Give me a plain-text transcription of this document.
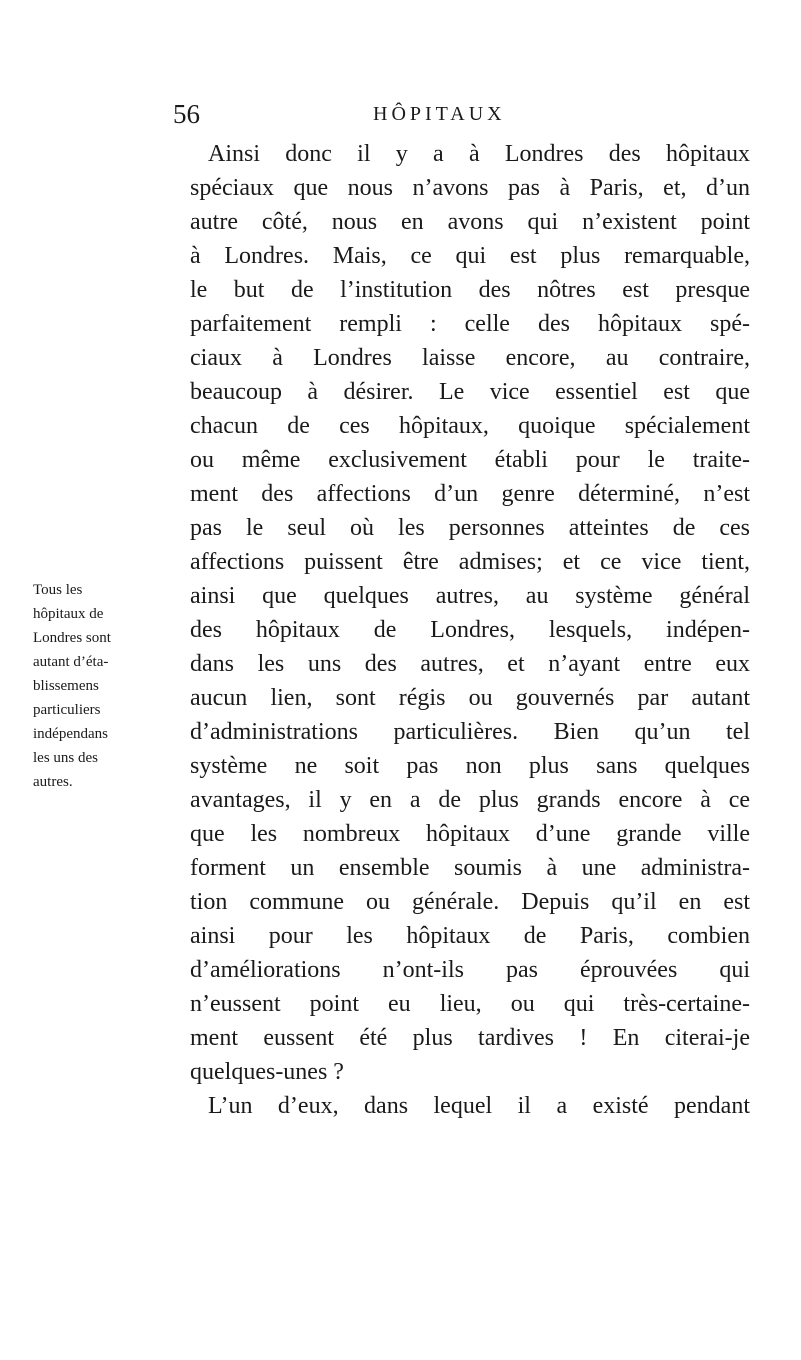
56	HÔPITAUX
Ainsi donc il y a à Londres des hôpitaux
spéciaux que nous n’avons pas à Paris, et, d’un
autre côté, nous en avons qui n’existent point
à Londres. Mais, ce qui est plus remarquable,
le but de l’institution des nôtres est presque
parfaitement rempli : celle des hôpitaux spé-
ciaux à Londres laisse encore, au contraire,
beaucoup à désirer. Le vice essentiel est que
chacun de ces hôpitaux, quoique spécialement
ou même exclusivement établi pour le traite-
ment des affections d’un genre déterminé, n’est
pas le seul où les personnes atteintes de ces
affections puissent être admises; et ce vice tient,
ainsi que quelques autres, au système général
des hôpitaux de Londres, lesquels, indépen-
dans les uns des autres, et n’ayant entre eux
aucun lien, sont régis ou gouvernés par autant
d’administrations particulières. Bien qu’un tel
système ne soit pas non plus sans quelques
avantages, il y en a de plus grands encore à ce
que les nombreux hôpitaux d’une grande ville
forment un ensemble soumis à une administra-
tion commune ou générale. Depuis qu’il en est
ainsi pour les hôpitaux de Paris, combien
d’améliorations n’ont-ils pas éprouvées qui
n’eussent point eu lieu, ou qui très-certaine-
ment eussent été plus tardives ! En citerai-je
quelques-unes ?
L’un d’eux, dans lequel il a existé pendant
Tous les
hôpitaux de
Londres sont
autant d’éta-
blissemens
particuliers
indépendans
les uns des
autres.
